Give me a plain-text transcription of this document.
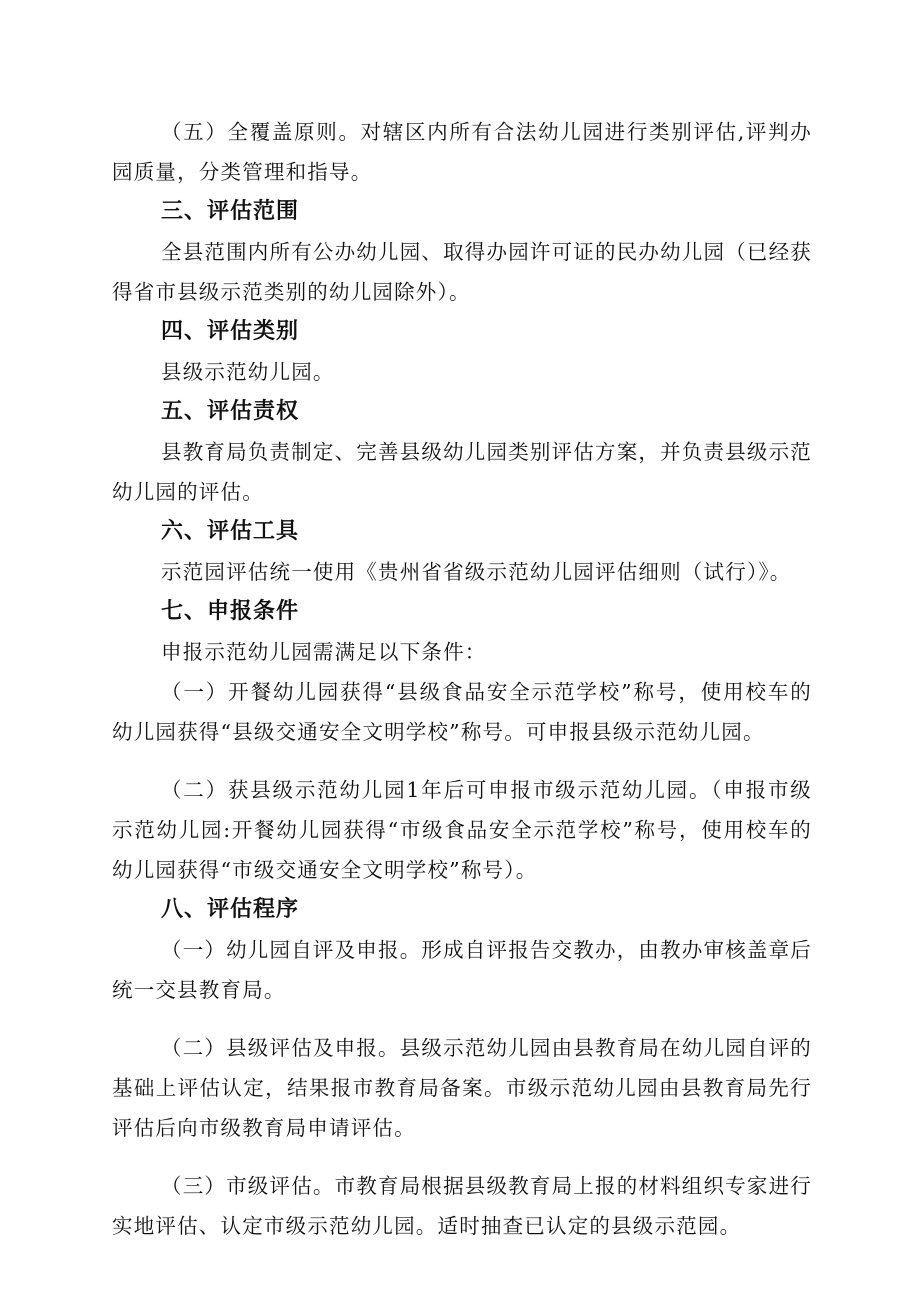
（五）全覆盖原则。对辖区内所有合法幼儿园进行类别评估,评判办园质量，分类管理和指导。

三、评估范围

全县范围内所有公办幼儿园、取得办园许可证的民办幼儿园（已经获得省市县级示范类别的幼儿园除外）。

四、评估类别

县级示范幼儿园。

五、评估责权

县教育局负责制定、完善县级幼儿园类别评估方案，并负责县级示范幼儿园的评估。

六、评估工具

示范园评估统一使用《贵州省省级示范幼儿园评估细则（试行）》。

七、申报条件

申报示范幼儿园需满足以下条件：

（一）开餐幼儿园获得“县级食品安全示范学校”称号，使用校车的幼儿园获得“县级交通安全文明学校”称号。可申报县级示范幼儿园。

（二）获县级示范幼儿园1年后可申报市级示范幼儿园。（申报市级示范幼儿园:开餐幼儿园获得“市级食品安全示范学校”称号，使用校车的幼儿园获得“市级交通安全文明学校”称号）。

八、评估程序

（一）幼儿园自评及申报。形成自评报告交教办，由教办审核盖章后统一交县教育局。

（二）县级评估及申报。县级示范幼儿园由县教育局在幼儿园自评的基础上评估认定，结果报市教育局备案。市级示范幼儿园由县教育局先行评估后向市级教育局申请评估。

（三）市级评估。市教育局根据县级教育局上报的材料组织专家进行实地评估、认定市级示范幼儿园。适时抽查已认定的县级示范园。
